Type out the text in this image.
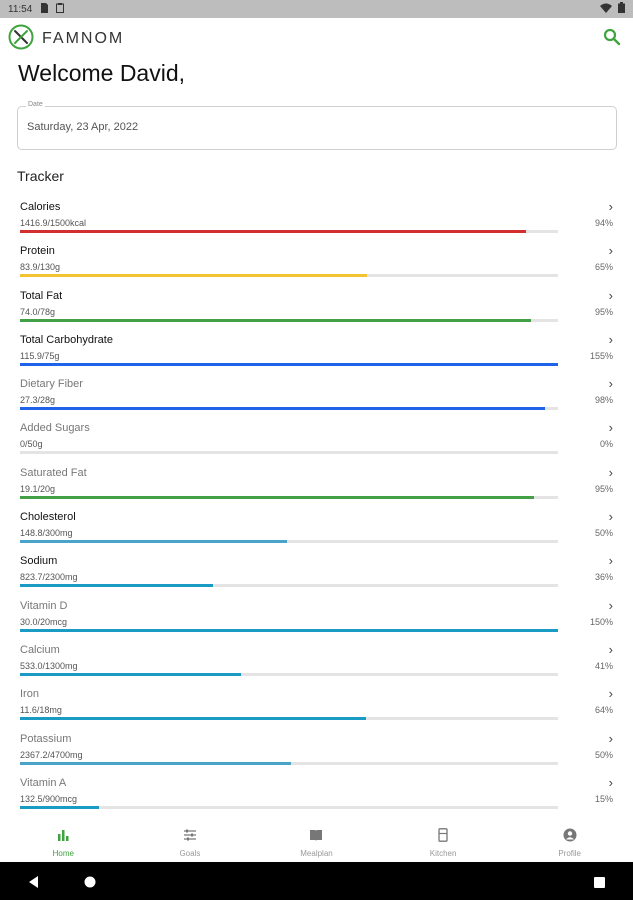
11:54
FAMNOM
Welcome David,
Date
Saturday, 23 Apr, 2022
Tracker
Calories
1416.9/1500kcal
›
94%
Protein
83.9/130g
›
65%
Total Fat
74.0/78g
›
95%
Total Carbohydrate
115.9/75g
›
155%
Dietary Fiber
27.3/28g
›
98%
Added Sugars
0/50g
›
0%
Saturated Fat
19.1/20g
›
95%
Cholesterol
148.8/300mg
›
50%
Sodium
823.7/2300mg
›
36%
Vitamin D
30.0/20mcg
›
150%
Calcium
533.0/1300mg
›
41%
Iron
11.6/18mg
›
64%
Potassium
2367.2/4700mg
›
50%
Vitamin A
132.5/900mcg
›
15%
Home	Goals	Mealplan	Kitchen	Profile
